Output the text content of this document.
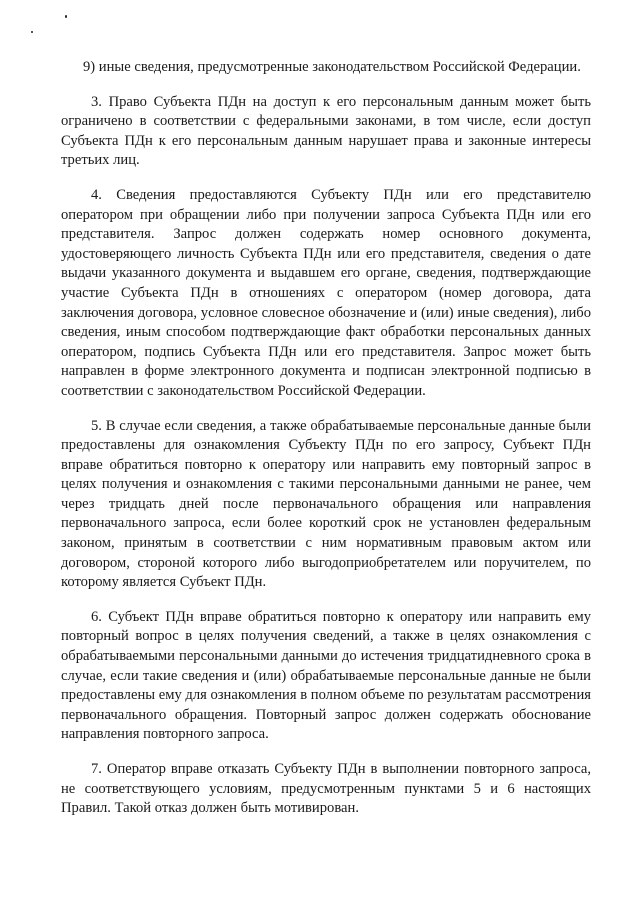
9) иные сведения, предусмотренные законодательством Российской Федерации.

3. Право Субъекта ПДн на доступ к его персональным данным может быть ограничено в соответствии с федеральными законами, в том числе, если доступ Субъекта ПДн к его персональным данным нарушает права и законные интересы третьих лиц.

4. Сведения предоставляются Субъекту ПДн или его представителю оператором при обращении либо при получении запроса Субъекта ПДн или его представителя. Запрос должен содержать номер основного документа, удостоверяющего личность Субъекта ПДн или его представителя, сведения о дате выдачи указанного документа и выдавшем его органе, сведения, подтверждающие участие Субъекта ПДн в отношениях с оператором (номер договора, дата заключения договора, условное словесное обозначение и (или) иные сведения), либо сведения, иным способом подтверждающие факт обработки персональных данных оператором, подпись Субъекта ПДн или его представителя. Запрос может быть направлен в форме электронного документа и подписан электронной подписью в соответствии с законодательством Российской Федерации.

5. В случае если сведения, а также обрабатываемые персональные данные были предоставлены для ознакомления Субъекту ПДн по его запросу, Субъект ПДн вправе обратиться повторно к оператору или направить ему повторный запрос в целях получения и ознакомления с такими персональными данными не ранее, чем через тридцать дней после первоначального обращения или направления первоначального запроса, если более короткий срок не установлен федеральным законом, принятым в соответствии с ним нормативным правовым актом или договором, стороной которого либо выгодоприобретателем или поручителем, по которому является Субъект ПДн.

6. Субъект ПДн вправе обратиться повторно к оператору или направить ему повторный вопрос в целях получения сведений, а также в целях ознакомления с обрабатываемыми персональными данными до истечения тридцатидневного срока в случае, если такие сведения и (или) обрабатываемые персональные данные не были предоставлены ему для ознакомления в полном объеме по результатам рассмотрения первоначального обращения. Повторный запрос должен содержать обоснование направления повторного запроса.

7. Оператор вправе отказать Субъекту ПДн в выполнении повторного запроса, не соответствующего условиям, предусмотренным пунктами 5 и 6 настоящих Правил. Такой отказ должен быть мотивирован.
